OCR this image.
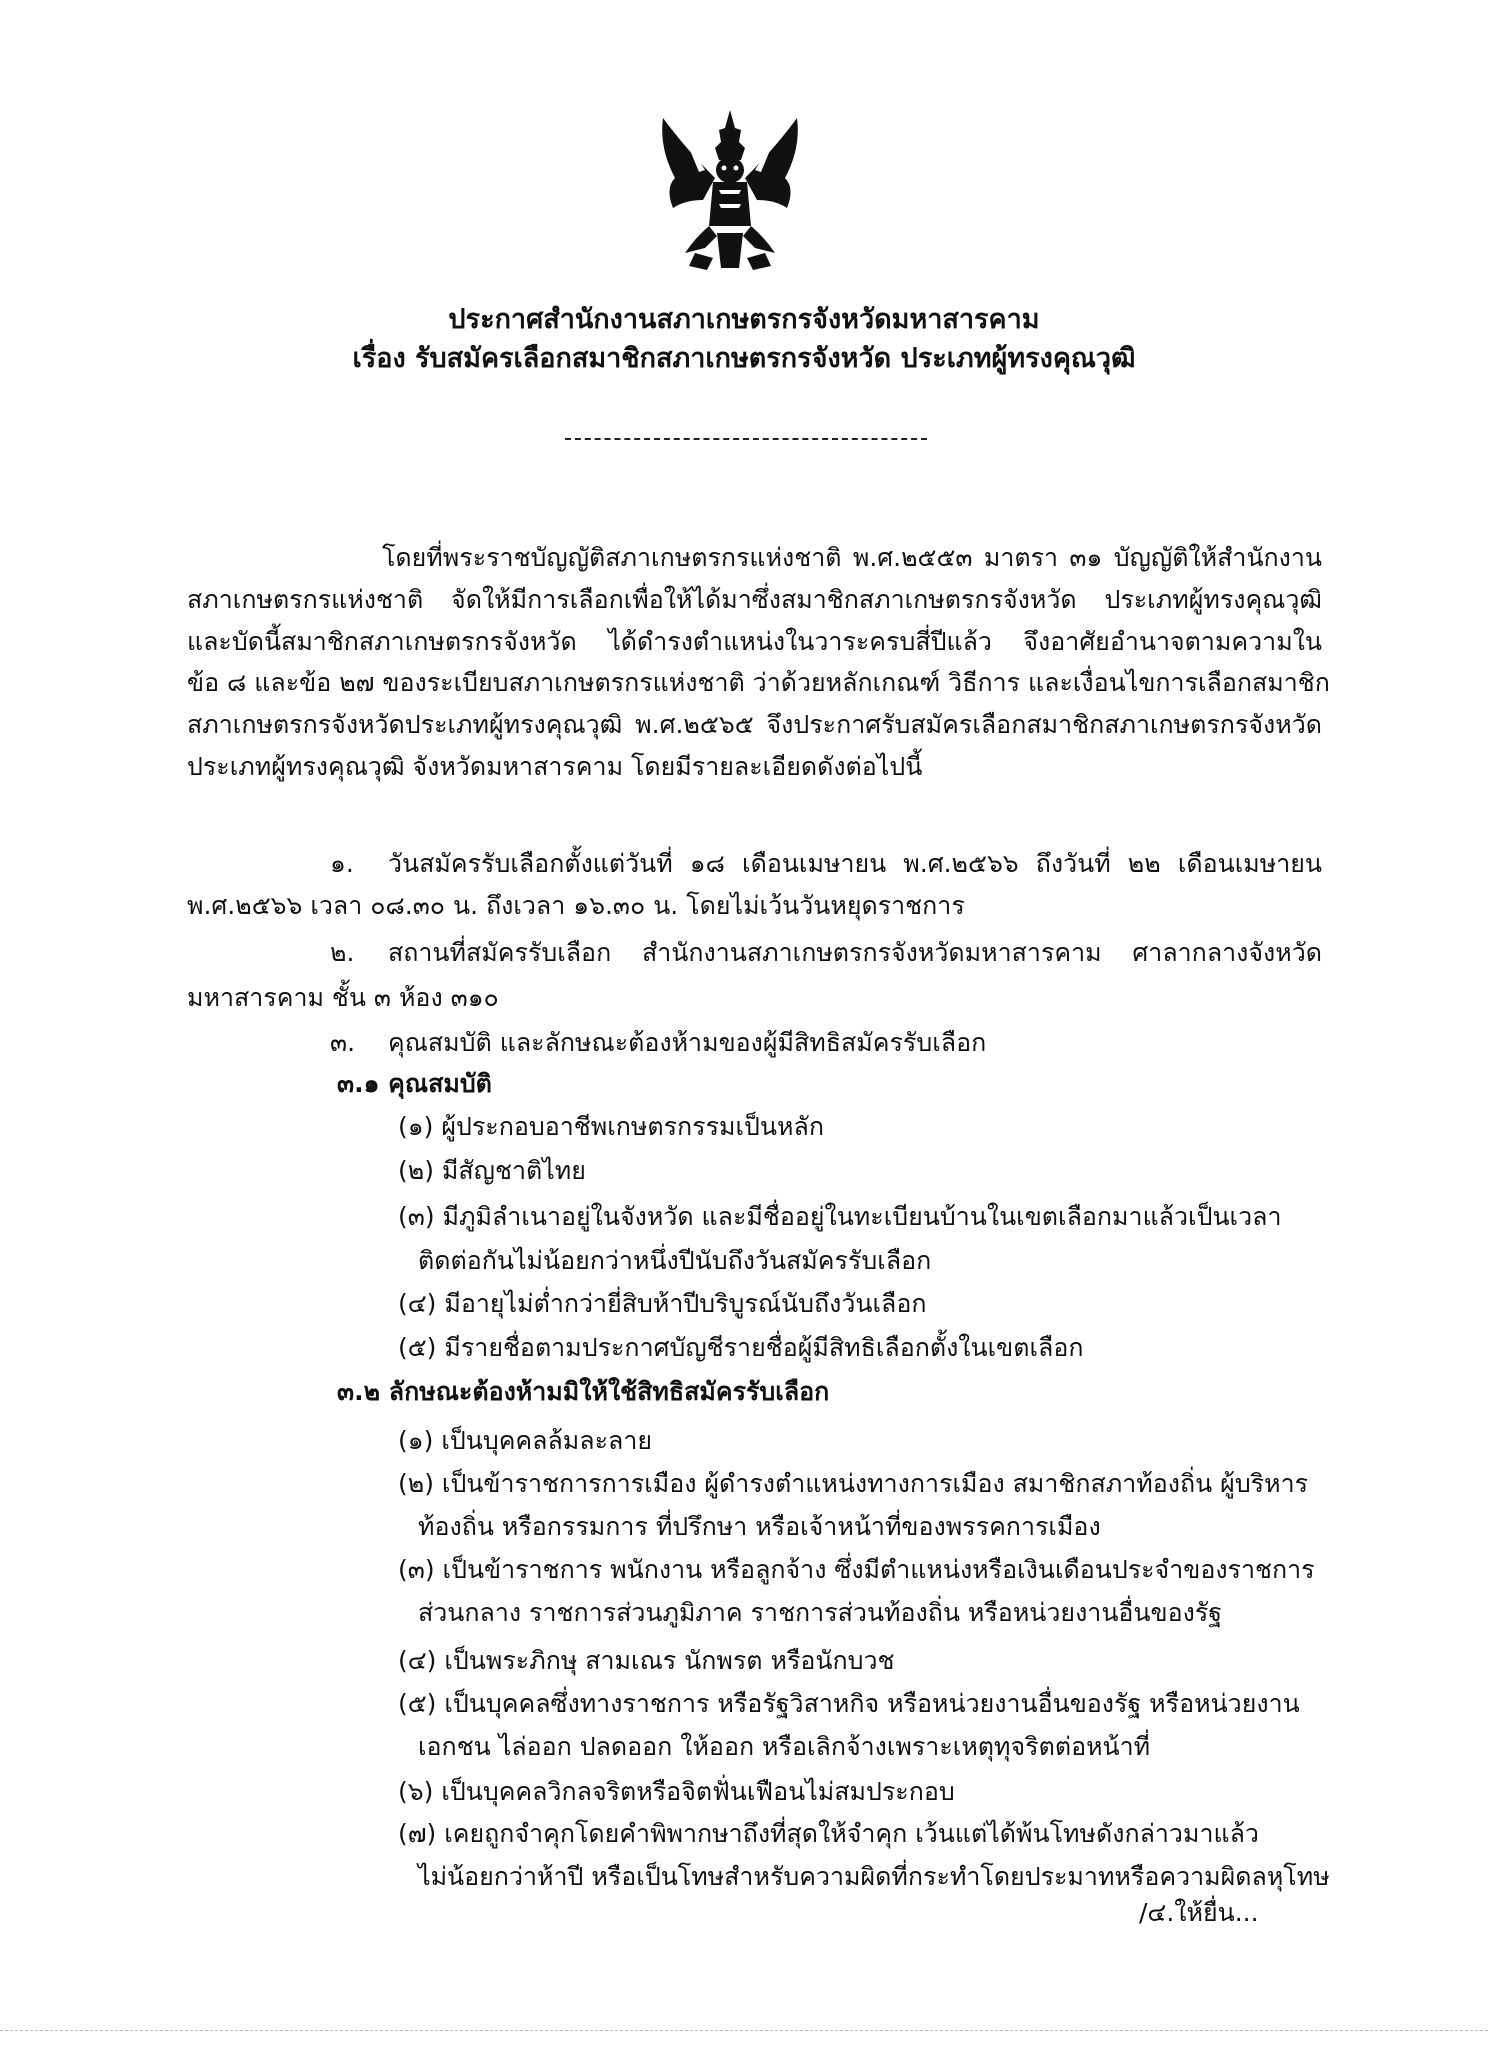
ประกาศสำนักงานสภาเกษตรกรจังหวัดมหาสารคาม
เรื่อง รับสมัครเลือกสมาชิกสภาเกษตรกรจังหวัด ประเภทผู้ทรงคุณวุฒิ
โดยที่พระราชบัญญัติสภาเกษตรกรแห่งชาติ พ.ศ.๒๕๕๓ มาตรา ๓๑ บัญญัติให้สำนักงาน
สภาเกษตรกรแห่งชาติ จัดให้มีการเลือกเพื่อให้ได้มาซึ่งสมาชิกสภาเกษตรกรจังหวัด ประเภทผู้ทรงคุณวุฒิ
และบัดนี้สมาชิกสภาเกษตรกรจังหวัด ได้ดำรงตำแหน่งในวาระครบสี่ปีแล้ว จึงอาศัยอำนาจตามความใน
ข้อ ๘ และข้อ ๒๗ ของระเบียบสภาเกษตรกรแห่งชาติ ว่าด้วยหลักเกณฑ์ วิธีการ และเงื่อนไขการเลือกสมาชิก
สภาเกษตรกรจังหวัดประเภทผู้ทรงคุณวุฒิ พ.ศ.๒๕๖๕ จึงประกาศรับสมัครเลือกสมาชิกสภาเกษตรกรจังหวัด
ประเภทผู้ทรงคุณวุฒิ จังหวัดมหาสารคาม โดยมีรายละเอียดดังต่อไปนี้
๑. วันสมัครรับเลือกตั้งแต่วันที่ ๑๘ เดือนเมษายน พ.ศ.๒๕๖๖ ถึงวันที่ ๒๒ เดือนเมษายน
พ.ศ.๒๕๖๖ เวลา ๐๘.๓๐ น. ถึงเวลา ๑๖.๓๐ น. โดยไม่เว้นวันหยุดราชการ
๒. สถานที่สมัครรับเลือก สำนักงานสภาเกษตรกรจังหวัดมหาสารคาม ศาลากลางจังหวัด
มหาสารคาม ชั้น ๓ ห้อง ๓๑๐
๓. คุณสมบัติ และลักษณะต้องห้ามของผู้มีสิทธิสมัครรับเลือก
๓.๑ คุณสมบัติ
(๑) ผู้ประกอบอาชีพเกษตรกรรมเป็นหลัก
(๒) มีสัญชาติไทย
(๓) มีภูมิลำเนาอยู่ในจังหวัด และมีชื่ออยู่ในทะเบียนบ้านในเขตเลือกมาแล้วเป็นเวลา
ติดต่อกันไม่น้อยกว่าหนึ่งปีนับถึงวันสมัครรับเลือก
(๔) มีอายุไม่ต่ำกว่ายี่สิบห้าปีบริบูรณ์นับถึงวันเลือก
(๕) มีรายชื่อตามประกาศบัญชีรายชื่อผู้มีสิทธิเลือกตั้งในเขตเลือก
๓.๒ ลักษณะต้องห้ามมิให้ใช้สิทธิสมัครรับเลือก
(๑) เป็นบุคคลล้มละลาย
(๒) เป็นข้าราชการการเมือง ผู้ดำรงตำแหน่งทางการเมือง สมาชิกสภาท้องถิ่น ผู้บริหาร
ท้องถิ่น หรือกรรมการ ที่ปรึกษา หรือเจ้าหน้าที่ของพรรคการเมือง
(๓) เป็นข้าราชการ พนักงาน หรือลูกจ้าง ซึ่งมีตำแหน่งหรือเงินเดือนประจำของราชการ
ส่วนกลาง ราชการส่วนภูมิภาค ราชการส่วนท้องถิ่น หรือหน่วยงานอื่นของรัฐ
(๔) เป็นพระภิกษุ สามเณร นักพรต หรือนักบวช
(๕) เป็นบุคคลซึ่งทางราชการ หรือรัฐวิสาหกิจ หรือหน่วยงานอื่นของรัฐ หรือหน่วยงาน
เอกชน ไล่ออก ปลดออก ให้ออก หรือเลิกจ้างเพราะเหตุทุจริตต่อหน้าที่
(๖) เป็นบุคคลวิกลจริตหรือจิตฟั่นเฟือนไม่สมประกอบ
(๗) เคยถูกจำคุกโดยคำพิพากษาถึงที่สุดให้จำคุก เว้นแต่ได้พ้นโทษดังกล่าวมาแล้ว
ไม่น้อยกว่าห้าปี หรือเป็นโทษสำหรับความผิดที่กระทำโดยประมาทหรือความผิดลหุโทษ
/๔.ให้ยื่น...
